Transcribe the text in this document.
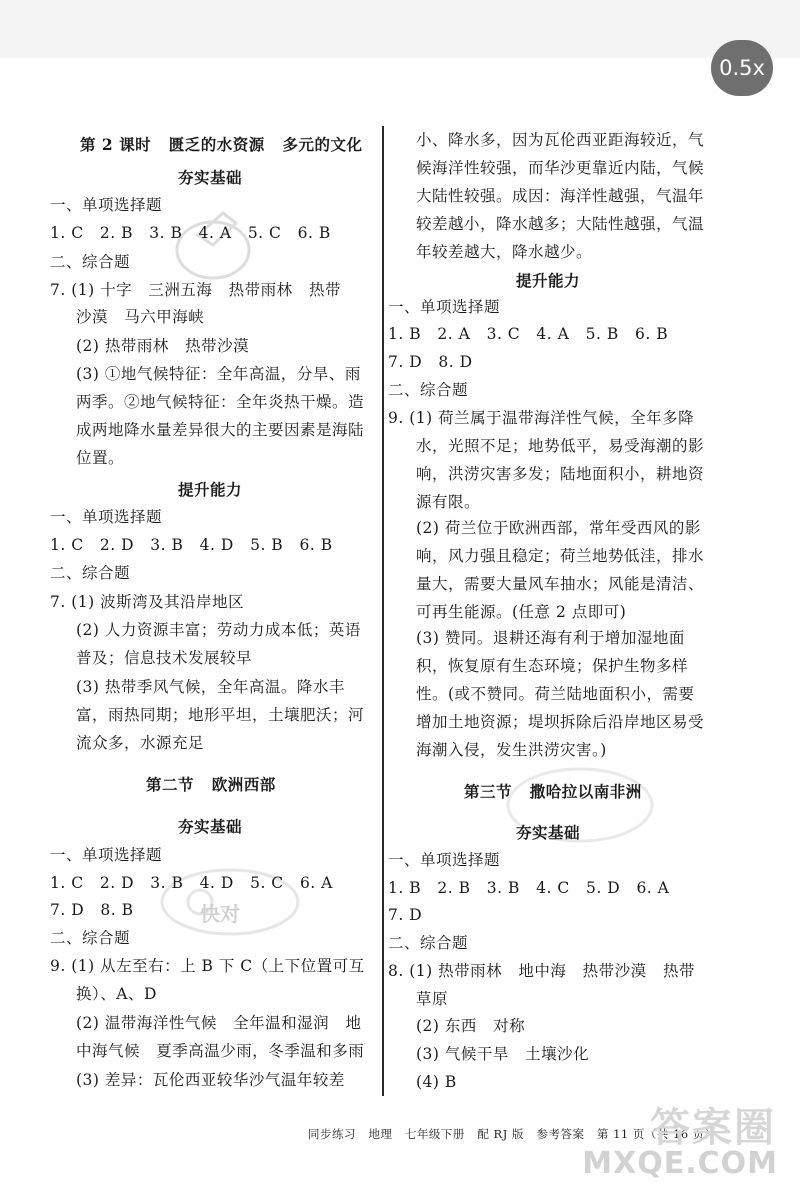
0.5x
快对
第 2 课时   匮乏的水资源   多元的文化
夯实基础
一、单项选择题
1. C   2. B   3. B   4. A   5. C   6. B
二、综合题
7. (1) 十字   三洲五海   热带雨林   热带
沙漠   马六甲海峡
(2) 热带雨林   热带沙漠
(3) ①地气候特征：全年高温，分旱、雨
两季。②地气候特征：全年炎热干燥。造
成两地降水量差异很大的主要因素是海陆
位置。
提升能力
一、单项选择题
1. C   2. D   3. B   4. D   5. B   6. B
二、综合题
7. (1) 波斯湾及其沿岸地区
(2) 人力资源丰富；劳动力成本低；英语
普及；信息技术发展较早
(3) 热带季风气候，全年高温。降水丰
富，雨热同期；地形平坦，土壤肥沃；河
流众多，水源充足
第二节   欧洲西部
夯实基础
一、单项选择题
1. C   2. D   3. B   4. D   5. C   6. A
7. D   8. B
二、综合题
9. (1) 从左至右：上 B 下 C（上下位置可互
换）、A、D
(2) 温带海洋性气候   全年温和湿润   地
中海气候   夏季高温少雨，冬季温和多雨
(3) 差异：瓦伦西亚较华沙气温年较差
小、降水多，因为瓦伦西亚距海较近，气
候海洋性较强，而华沙更靠近内陆，气候
大陆性较强。成因：海洋性越强，气温年
较差越小，降水越多；大陆性越强，气温
年较差越大，降水越少。
提升能力
一、单项选择题
1. B   2. A   3. C   4. A   5. B   6. B
7. D   8. D
二、综合题
9. (1) 荷兰属于温带海洋性气候，全年多降
水，光照不足；地势低平，易受海潮的影
响，洪涝灾害多发；陆地面积小，耕地资
源有限。
(2) 荷兰位于欧洲西部，常年受西风的影
响，风力强且稳定；荷兰地势低洼，排水
量大，需要大量风车抽水；风能是清洁、
可再生能源。(任意 2 点即可)
(3) 赞同。退耕还海有利于增加湿地面
积，恢复原有生态环境；保护生物多样
性。(或不赞同。荷兰陆地面积小，需要
增加土地资源；堤坝拆除后沿岸地区易受
海潮入侵，发生洪涝灾害。)
第三节   撒哈拉以南非洲
夯实基础
一、单项选择题
1. B   2. B   3. B   4. C   5. D   6. A
7. D
二、综合题
8. (1) 热带雨林   地中海   热带沙漠   热带
草原
(2) 东西   对称
(3) 气候干旱   土壤沙化
(4) B
同步练习   地理   七年级下册   配 RJ 版   参考答案   第 11 页（共 16 页）
答案圈
MXQE.COM
